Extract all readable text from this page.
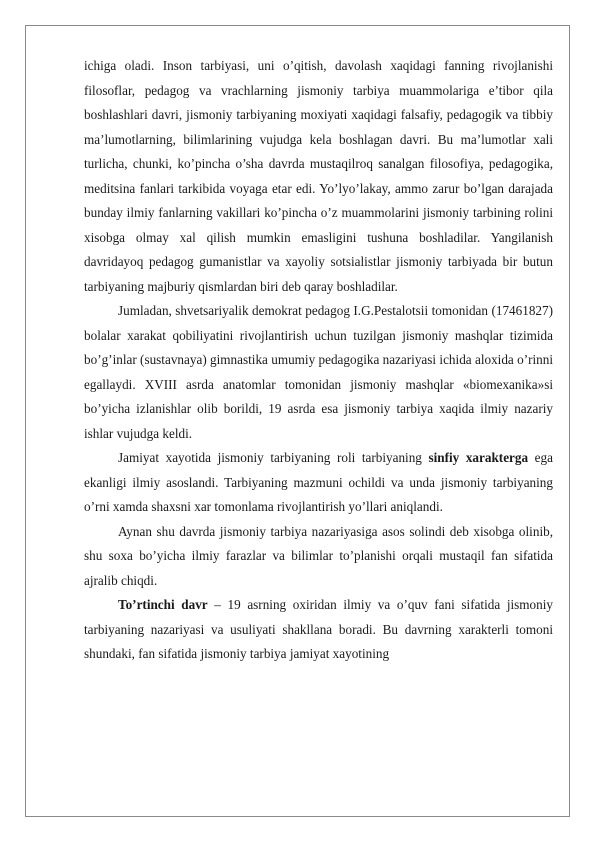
ichiga oladi. Inson tarbiyasi, uni o’qitish, davolash xaqidagi fanning rivojlanishi filosoflar, pedagog va vrachlarning jismoniy tarbiya muammolariga e’tibor qila boshlashlari davri, jismoniy tarbiyaning moxiyati xaqidagi falsafiy, pedagogik va tibbiy ma’lumotlarning, bilimlarining vujudga kela boshlagan davri. Bu ma’lumotlar xali turlicha, chunki, ko’pincha o’sha davrda mustaqilroq sanalgan filosofiya, pedagogika, meditsina fanlari tarkibida voyaga etar edi. Yo’lyo’lakay, ammo zarur bo’lgan darajada bunday ilmiy fanlarning vakillari ko’pincha o’z muammolarini jismoniy tarbining rolini xisobga olmay xal qilish mumkin emasligini tushuna boshladilar. Yangilanish davridayoq pedagog gumanistlar va xayoliy sotsialistlar jismoniy tarbiyada bir butun tarbiyaning majburiy qismlardan biri deb qaray boshladilar.

Jumladan, shvetsariyalik demokrat pedagog I.G.Pestalotsii tomonidan (17461827) bolalar xarakat qobiliyatini rivojlantirish uchun tuzilgan jismoniy mashqlar tizimida bo’g’inlar (sustavnaya) gimnastika umumiy pedagogika nazariyasi ichida aloxida o’rinni egallaydi. XVIII asrda anatomlar tomonidan jismoniy mashqlar «biomexanika»si bo’yicha izlanishlar olib borildi, 19 asrda esa jismoniy tarbiya xaqida ilmiy nazariy ishlar vujudga keldi.

Jamiyat xayotida jismoniy tarbiyaning roli tarbiyaning sinfiy xarakterga ega ekanligi ilmiy asoslandi. Tarbiyaning mazmuni ochildi va unda jismoniy tarbiyaning o’rni xamda shaxsni xar tomonlama rivojlantirish yo’llari aniqlandi.

Aynan shu davrda jismoniy tarbiya nazariyasiga asos solindi deb xisobga olinib, shu soxa bo’yicha ilmiy farazlar va bilimlar to’planishi orqali mustaqil fan sifatida ajralib chiqdi.

To’rtinchi davr – 19 asrning oxiridan ilmiy va o’quv fani sifatida jismoniy tarbiyaning nazariyasi va usuliyati shakllana boradi. Bu davrning xarakterli tomoni shundaki, fan sifatida jismoniy tarbiya jamiyat xayotining
